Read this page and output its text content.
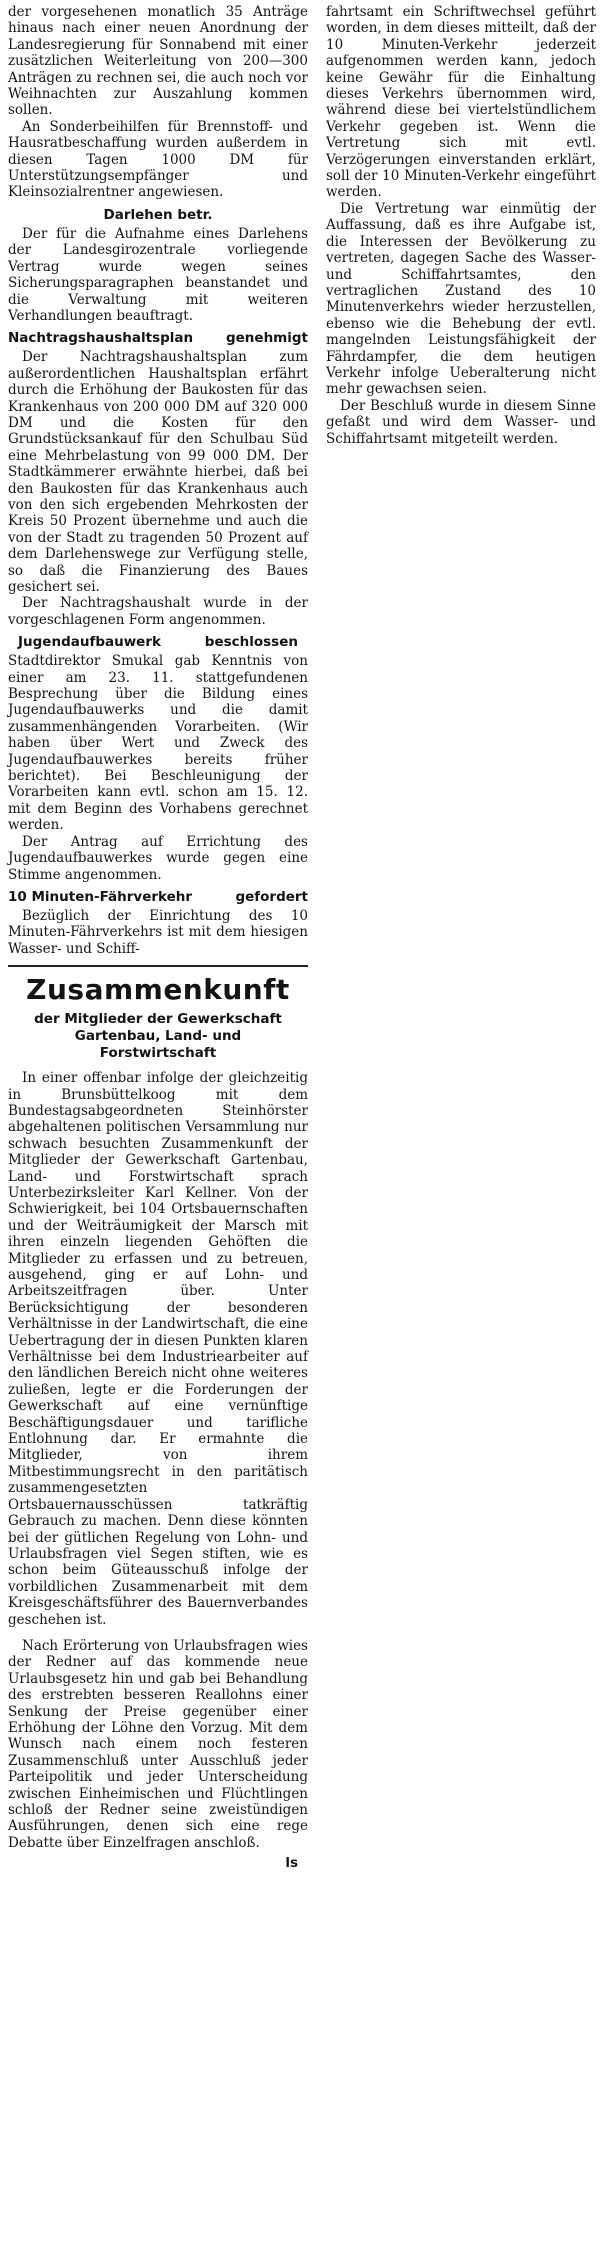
der vorgesehenen monatlich 35 Anträge hinaus nach einer neuen Anordnung der Landesregierung für Sonnabend mit einer zusätzlichen Weiterleitung von 200—300 Anträgen zu rechnen sei, die auch noch vor Weihnachten zur Auszahlung kommen sollen.

An Sonderbeihilfen für Brennstoff- und Hausratbeschaffung wurden außerdem in diesen Tagen 1000 DM für Unterstützungsempfänger und Kleinsozialrentner angewiesen.

Darlehen betr.

Der für die Aufnahme eines Darlehens der Landesgirozentrale vorliegende Vertrag wurde wegen seines Sicherungsparagraphen beanstandet und die Verwaltung mit weiteren Verhandlungen beauftragt.

Nachtragshaushaltsplan genehmigt

Der Nachtragshaushaltsplan zum außerordentlichen Haushaltsplan erfährt durch die Erhöhung der Baukosten für das Krankenhaus von 200 000 DM auf 320 000 DM und die Kosten für den Grundstücksankauf für den Schulbau Süd eine Mehrbelastung von 99 000 DM. Der Stadtkämmerer erwähnte hierbei, daß bei den Baukosten für das Krankenhaus auch von den sich ergebenden Mehrkosten der Kreis 50 Prozent übernehme und auch die von der Stadt zu tragenden 50 Prozent auf dem Darlehenswege zur Verfügung stelle, so daß die Finanzierung des Baues gesichert sei.

Der Nachtragshaushalt wurde in der vorgeschlagenen Form angenommen.

Jugendaufbauwerk	beschlossen

Stadtdirektor Smukal gab Kenntnis von einer am 23. 11. stattgefundenen Besprechung über die Bildung eines Jugendaufbauwerks und die damit zusammenhängenden Vorarbeiten. (Wir haben über Wert und Zweck des Jugendaufbauwerkes bereits früher berichtet). Bei Beschleunigung der Vorarbeiten kann evtl. schon am 15. 12. mit dem Beginn des Vorhabens gerechnet werden.

Der Antrag auf Errichtung des Jugendaufbauwerkes wurde gegen eine Stimme angenommen.

10 Minuten-Fährverkehr	gefordert

Bezüglich der Einrichtung des 10 Minuten-Fährverkehrs ist mit dem hiesigen Wasser- und Schiff-

Zusammenkunft
der Mitglieder der Gewerkschaft Gartenbau, Land- und Forstwirtschaft

In einer offenbar infolge der gleichzeitig in Brunsbüttelkoog mit dem Bundestagsabgeordneten Steinhörster abgehaltenen politischen Versammlung nur schwach besuchten Zusammenkunft der Mitglieder der Gewerkschaft Gartenbau, Land- und Forstwirtschaft sprach Unterbezirksleiter Karl Kellner. Von der Schwierigkeit, bei 104 Ortsbauernschaften und der Weiträumigkeit der Marsch mit ihren einzeln liegenden Gehöften die Mitglieder zu erfassen und zu betreuen, ausgehend, ging er auf Lohn- und Arbeitszeitfragen über. Unter Berücksichtigung der besonderen Verhältnisse in der Landwirtschaft, die eine Uebertragung der in diesen Punkten klaren Verhältnisse bei dem Industriearbeiter auf den ländlichen Bereich nicht ohne weiteres zuließen, legte er die Forderungen der Gewerkschaft auf eine vernünftige Beschäftigungsdauer und tarifliche Entlohnung dar. Er ermahnte die Mitglieder, von ihrem Mitbestimmungsrecht in den paritätisch zusammengesetzten Ortsbauernausschüssen tatkräftig Gebrauch zu machen. Denn diese könnten bei der gütlichen Regelung von Lohn- und Urlaubsfragen viel Segen stiften, wie es schon beim Güteausschuß infolge der vorbildlichen Zusammenarbeit mit dem Kreisgeschäftsführer des Bauernverbandes geschehen ist.

Nach Erörterung von Urlaubsfragen wies der Redner auf das kommende neue Urlaubsgesetz hin und gab bei Behandlung des erstrebten besseren Reallohns einer Senkung der Preise gegenüber einer Erhöhung der Löhne den Vorzug. Mit dem Wunsch nach einem noch festeren Zusammenschluß unter Ausschluß jeder Parteipolitik und jeder Unterscheidung zwischen Einheimischen und Flüchtlingen schloß der Redner seine zweistündigen Ausführungen, denen sich eine rege Debatte über Einzelfragen anschloß.

ls

fahrtsamt ein Schriftwechsel geführt worden, in dem dieses mitteilt, daß der 10 Minuten-Verkehr jederzeit aufgenommen werden kann, jedoch keine Gewähr für die Einhaltung dieses Verkehrs übernommen wird, während diese bei viertelstündlichem Verkehr gegeben ist. Wenn die Vertretung sich mit evtl. Verzögerungen einverstanden erklärt, soll der 10 Minuten-Verkehr eingeführt werden.

Die Vertretung war einmütig der Auffassung, daß es ihre Aufgabe ist, die Interessen der Bevölkerung zu vertreten, dagegen Sache des Wasser- und Schiffahrtsamtes, den vertraglichen Zustand des 10 Minutenverkehrs wieder herzustellen, ebenso wie die Behebung der evtl. mangelnden Leistungsfähigkeit der Fährdampfer, die dem heutigen Verkehr infolge Ueberalterung nicht mehr gewachsen seien.

Der Beschluß wurde in diesem Sinne gefaßt und wird dem Wasser- und Schiffahrtsamt mitgeteilt werden.
